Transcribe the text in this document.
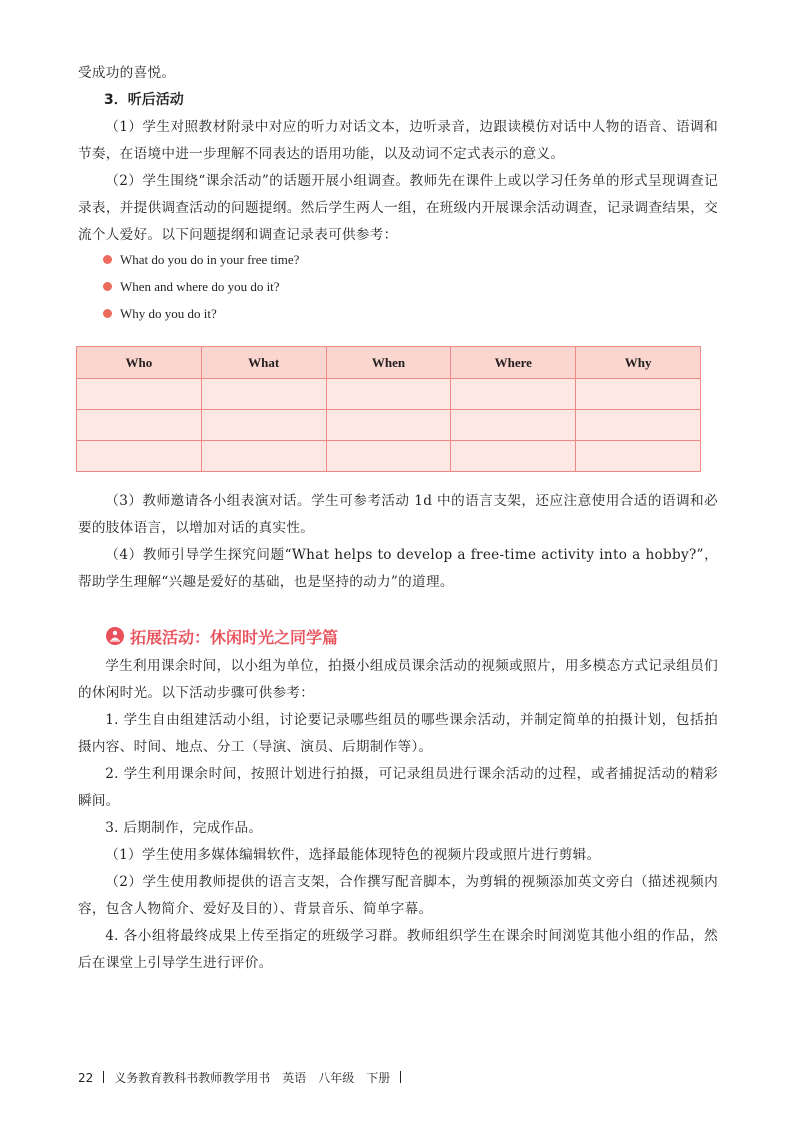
受成功的喜悦。

3．听后活动

（1）学生对照教材附录中对应的听力对话文本，边听录音，边跟读模仿对话中人物的语音、语调和节奏，在语境中进一步理解不同表达的语用功能，以及动词不定式表示的意义。

（2）学生围绕“课余活动”的话题开展小组调查。教师先在课件上或以学习任务单的形式呈现调查记录表，并提供调查活动的问题提纲。然后学生两人一组，在班级内开展课余活动调查，记录调查结果，交流个人爱好。以下问题提纲和调查记录表可供参考：

What do you do in your free time?
When and where do you do it?
Why do you do it?
Who	What	When	Where	Why

（3）教师邀请各小组表演对话。学生可参考活动 1d 中的语言支架，还应注意使用合适的语调和必要的肢体语言，以增加对话的真实性。

（4）教师引导学生探究问题“What helps to develop a free-time activity into a hobby?”，帮助学生理解“兴趣是爱好的基础，也是坚持的动力”的道理。

拓展活动：休闲时光之同学篇

学生利用课余时间，以小组为单位，拍摄小组成员课余活动的视频或照片，用多模态方式记录组员们的休闲时光。以下活动步骤可供参考：

1. 学生自由组建活动小组，讨论要记录哪些组员的哪些课余活动，并制定简单的拍摄计划，包括拍摄内容、时间、地点、分工（导演、演员、后期制作等）。

2. 学生利用课余时间，按照计划进行拍摄，可记录组员进行课余活动的过程，或者捕捉活动的精彩瞬间。

3. 后期制作，完成作品。

（1）学生使用多媒体编辑软件，选择最能体现特色的视频片段或照片进行剪辑。

（2）学生使用教师提供的语言支架，合作撰写配音脚本，为剪辑的视频添加英文旁白（描述视频内容，包含人物简介、爱好及目的）、背景音乐、简单字幕。

4. 各小组将最终成果上传至指定的班级学习群。教师组织学生在课余时间浏览其他小组的作品，然后在课堂上引导学生进行评价。

22 义务教育教科书教师教学用书　英语　八年级　下册
